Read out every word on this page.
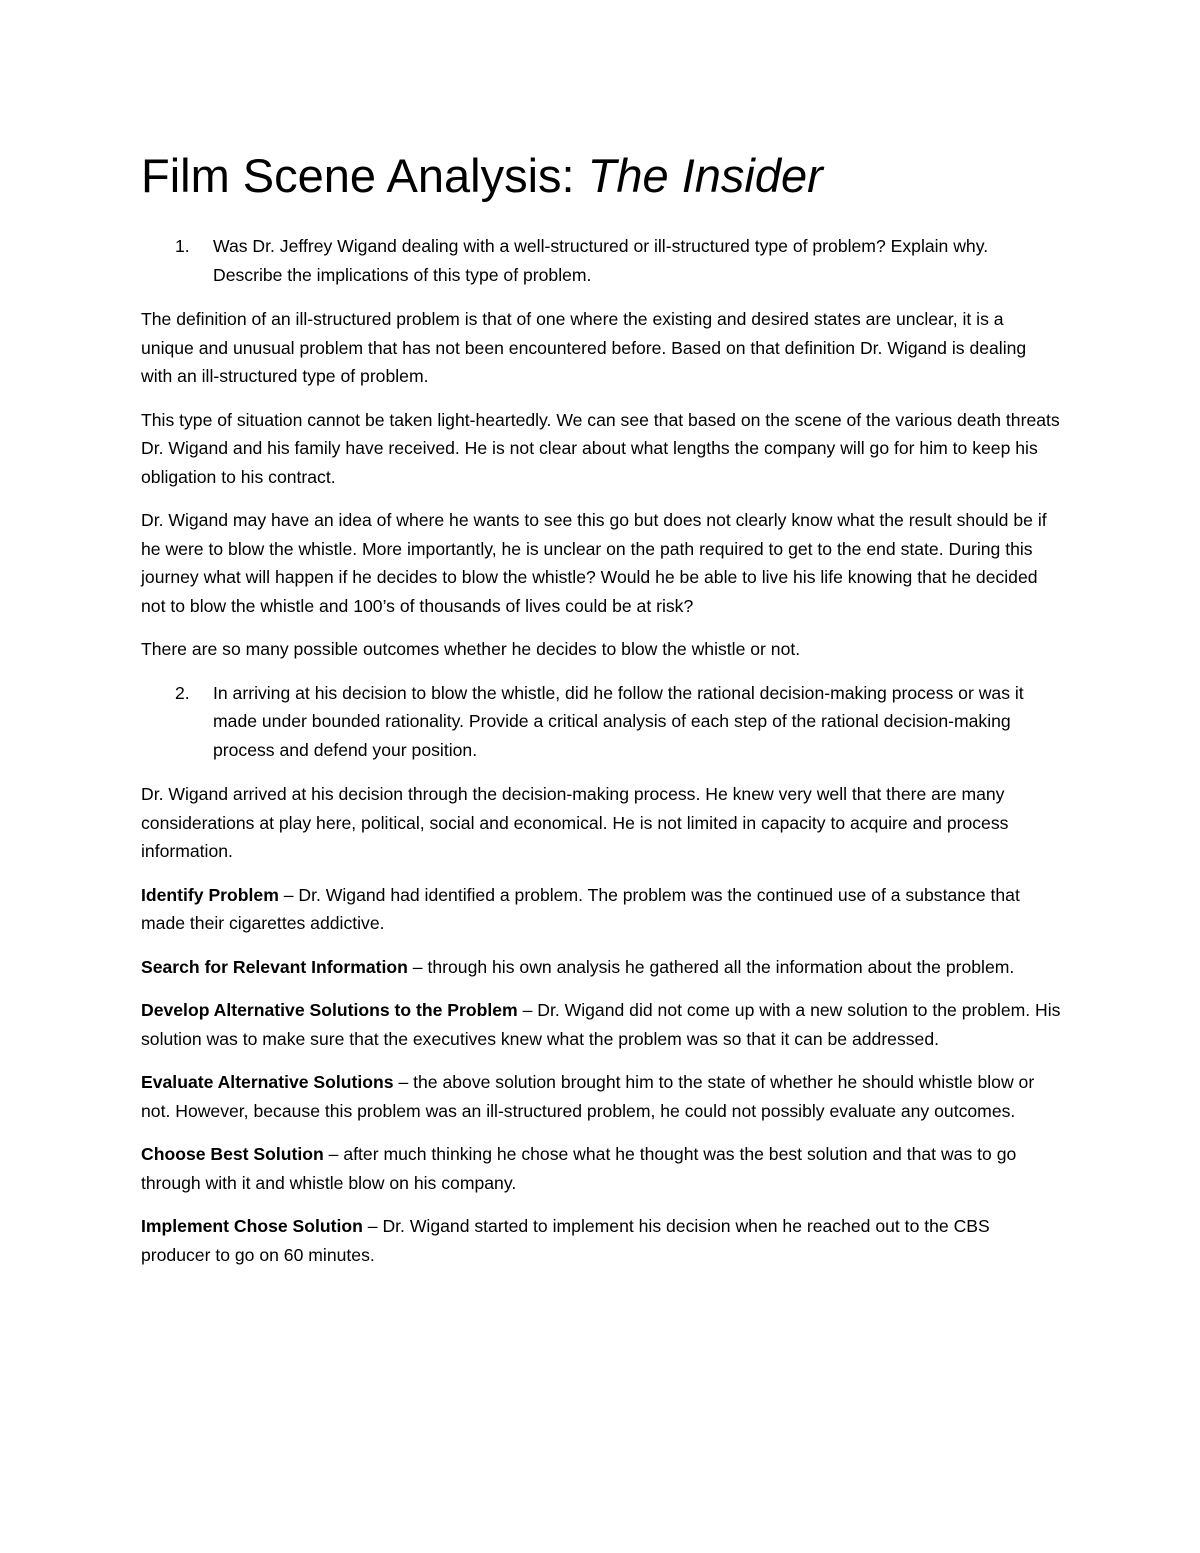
Film Scene Analysis: The Insider
1.	Was Dr. Jeffrey Wigand dealing with a well-structured or ill-structured type of problem? Explain why. Describe the implications of this type of problem.

The definition of an ill-structured problem is that of one where the existing and desired states are unclear, it is a unique and unusual problem that has not been encountered before. Based on that definition Dr. Wigand is dealing with an ill-structured type of problem.

This type of situation cannot be taken light-heartedly. We can see that based on the scene of the various death threats Dr. Wigand and his family have received. He is not clear about what lengths the company will go for him to keep his obligation to his contract.

Dr. Wigand may have an idea of where he wants to see this go but does not clearly know what the result should be if he were to blow the whistle. More importantly, he is unclear on the path required to get to the end state. During this journey what will happen if he decides to blow the whistle? Would he be able to live his life knowing that he decided not to blow the whistle and 100’s of thousands of lives could be at risk?

There are so many possible outcomes whether he decides to blow the whistle or not.

2.	In arriving at his decision to blow the whistle, did he follow the rational decision-making process or was it made under bounded rationality. Provide a critical analysis of each step of the rational decision-making process and defend your position.

Dr. Wigand arrived at his decision through the decision-making process. He knew very well that there are many considerations at play here, political, social and economical. He is not limited in capacity to acquire and process information.

Identify Problem – Dr. Wigand had identified a problem. The problem was the continued use of a substance that made their cigarettes addictive.

Search for Relevant Information – through his own analysis he gathered all the information about the problem.

Develop Alternative Solutions to the Problem – Dr. Wigand did not come up with a new solution to the problem. His solution was to make sure that the executives knew what the problem was so that it can be addressed.

Evaluate Alternative Solutions – the above solution brought him to the state of whether he should whistle blow or not. However, because this problem was an ill-structured problem, he could not possibly evaluate any outcomes.

Choose Best Solution – after much thinking he chose what he thought was the best solution and that was to go through with it and whistle blow on his company.

Implement Chose Solution – Dr. Wigand started to implement his decision when he reached out to the CBS producer to go on 60 minutes.
